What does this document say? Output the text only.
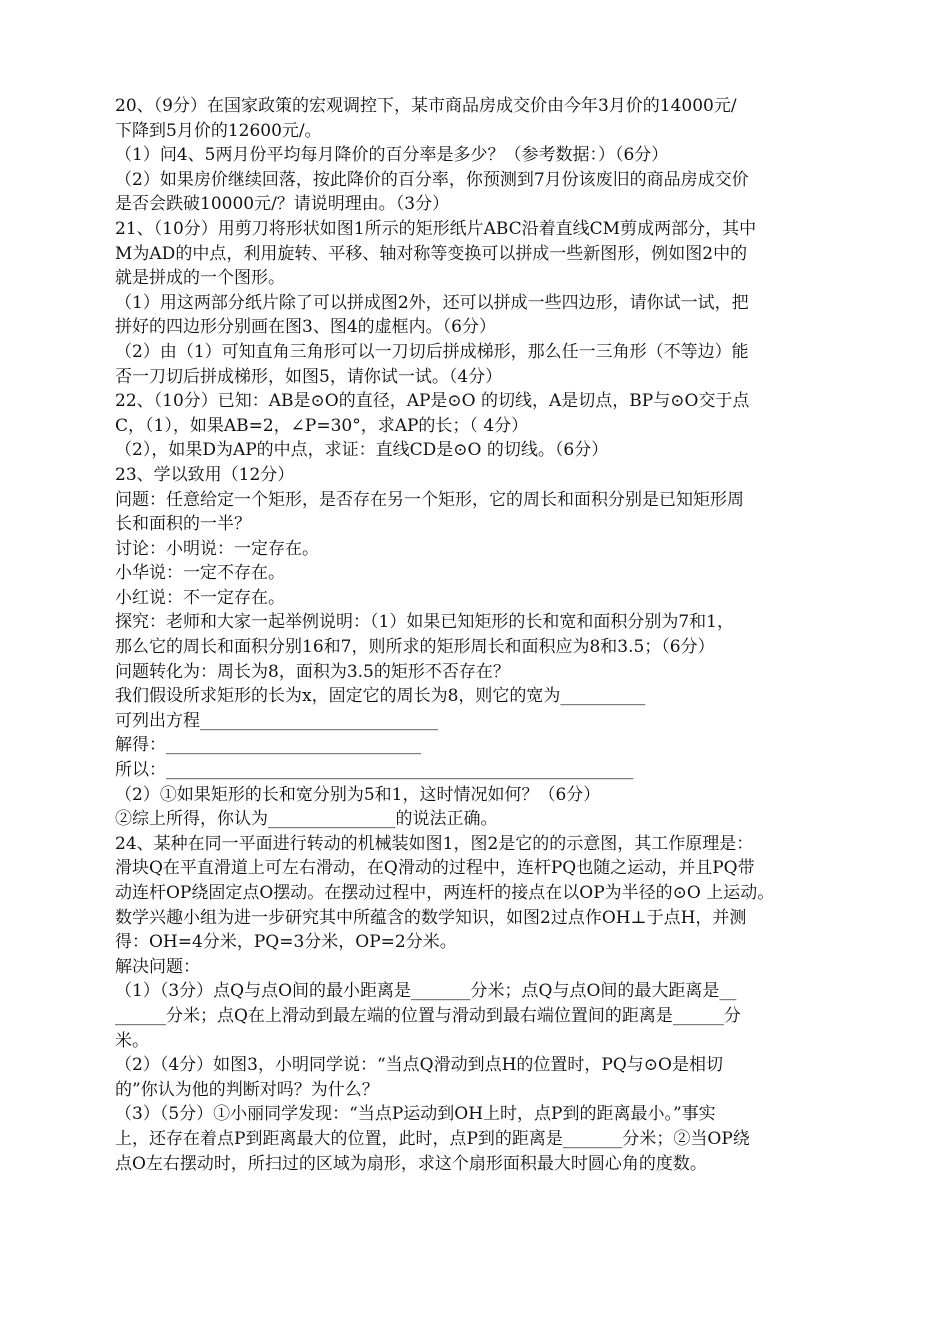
20、（9分）在国家政策的宏观调控下，某市商品房成交价由今年3月价的14000元/
下降到5月价的12600元/。
（1）问4、5两月份平均每月降价的百分率是多少？（参考数据：）（6分）
（2）如果房价继续回落，按此降价的百分率，你预测到7月份该废旧的商品房成交价
是否会跌破10000元/？请说明理由。（3分）
21、（10分）用剪刀将形状如图1所示的矩形纸片ABC沿着直线CM剪成两部分，其中
M为AD的中点，利用旋转、平移、轴对称等变换可以拼成一些新图形，例如图2中的
就是拼成的一个图形。
（1）用这两部分纸片除了可以拼成图2外，还可以拼成一些四边形，请你试一试，把
拼好的四边形分别画在图3、图4的虚框内。（6分）
（2）由（1）可知直角三角形可以一刀切后拼成梯形，那么任一三角形（不等边）能
否一刀切后拼成梯形，如图5，请你试一试。（4分）
22、（10分）已知：AB是⊙O的直径，AP是⊙O 的切线，A是切点，BP与⊙O交于点
C，（1），如果AB=2，∠P=30°，求AP的长；（ 4分）
（2），如果D为AP的中点，求证：直线CD是⊙O 的切线。（6分）
23、学以致用（12分）
问题：任意给定一个矩形，是否存在另一个矩形，它的周长和面积分别是已知矩形周
长和面积的一半？
讨论：小明说：一定存在。
小华说：一定不存在。
小红说：不一定存在。
探究：老师和大家一起举例说明：（1）如果已知矩形的长和宽和面积分别为7和1，
那么它的周长和面积分别16和7，则所求的矩形周长和面积应为8和3.5；（6分）
问题转化为：周长为8，面积为3.5的矩形不否存在？
我们假设所求矩形的长为x，固定它的周长为8，则它的宽为__________
可列出方程____________________________
解得：______________________________
所以：_______________________________________________________
（2）①如果矩形的长和宽分别为5和1，这时情况如何？（6分）
②综上所得，你认为_______________的说法正确。
24、某种在同一平面进行转动的机械装如图1，图2是它的的示意图，其工作原理是：
滑块Q在平直滑道上可左右滑动，在Q滑动的过程中，连杆PQ也随之运动，并且PQ带
动连杆OP绕固定点O摆动。在摆动过程中，两连杆的接点在以OP为半径的⊙O 上运动。
数学兴趣小组为进一步研究其中所蕴含的数学知识，如图2过点作OH⊥于点H，并测
得：OH=4分米，PQ=3分米，OP=2分米。
解决问题：
（1）（3分）点Q与点O间的最小距离是_______分米；点Q与点O间的最大距离是__
______分米；点Q在上滑动到最左端的位置与滑动到最右端位置间的距离是______分
米。
（2）（4分）如图3，小明同学说：“当点Q滑动到点H的位置时，PQ与⊙O是相切
的”你认为他的判断对吗？为什么？
（3）（5分）①小丽同学发现：“当点P运动到OH上时，点P到的距离最小。”事实
上，还存在着点P到距离最大的位置，此时，点P到的距离是_______分米；②当OP绕
点O左右摆动时，所扫过的区域为扇形，求这个扇形面积最大时圆心角的度数。
